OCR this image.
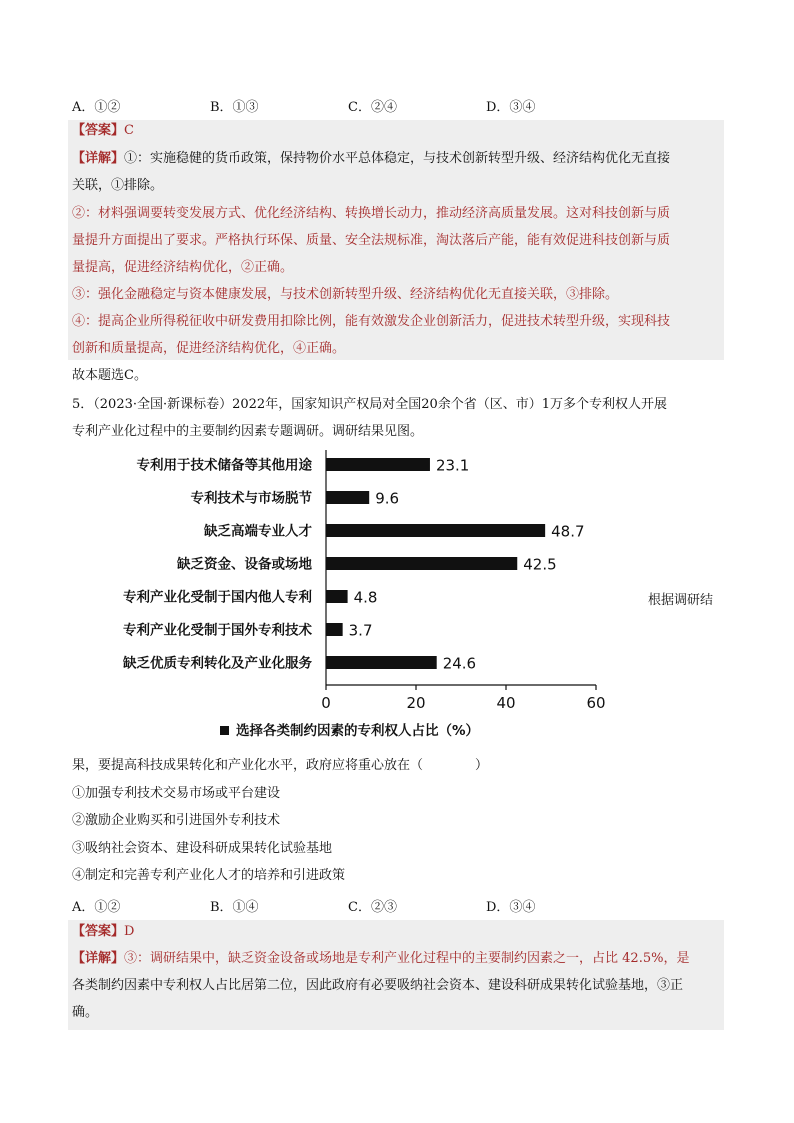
A．①②	B．①③	C．②④	D．③④
【答案】C
【详解】①：实施稳健的货币政策，保持物价水平总体稳定，与技术创新转型升级、经济结构优化无直接
关联，①排除。
②：材料强调要转变发展方式、优化经济结构、转换增长动力，推动经济高质量发展。这对科技创新与质
量提升方面提出了要求。严格执行环保、质量、安全法规标准，淘汰落后产能，能有效促进科技创新与质
量提高，促进经济结构优化，②正确。
③：强化金融稳定与资本健康发展，与技术创新转型升级、经济结构优化无直接关联，③排除。
④：提高企业所得税征收中研发费用扣除比例，能有效激发企业创新活力，促进技术转型升级，实现科技
创新和质量提高，促进经济结构优化，④正确。
故本题选C。
5．（2023·全国·新课标卷）2022年，国家知识产权局对全国20余个省（区、市）1万多个专利权人开展
专利产业化过程中的主要制约因素专题调研。调研结果见图。
专利用于技术储备等其他用途	23.1
专利技术与市场脱节	9.6
缺乏高端专业人才	48.7
缺乏资金、设备或场地	42.5
专利产业化受制于国内他人专利	4.8
专利产业化受制于国外专利技术 3.7
缺乏优质专利转化及产业化服务	24.6
0	20	40	60
选择各类制约因素的专利权人占比（%）
根据调研结
果，要提高科技成果转化和产业化水平，政府应将重心放在（　　　　）
①加强专利技术交易市场或平台建设
②激励企业购买和引进国外专利技术
③吸纳社会资本、建设科研成果转化试验基地
④制定和完善专利产业化人才的培养和引进政策
A．①②	B．①④	C．②③	D．③④
【答案】D
【详解】③：调研结果中，缺乏资金设备或场地是专利产业化过程中的主要制约因素之一，占比 42.5%，是
各类制约因素中专利权人占比居第二位，因此政府有必要吸纳社会资本、建设科研成果转化试验基地，③正
确。
